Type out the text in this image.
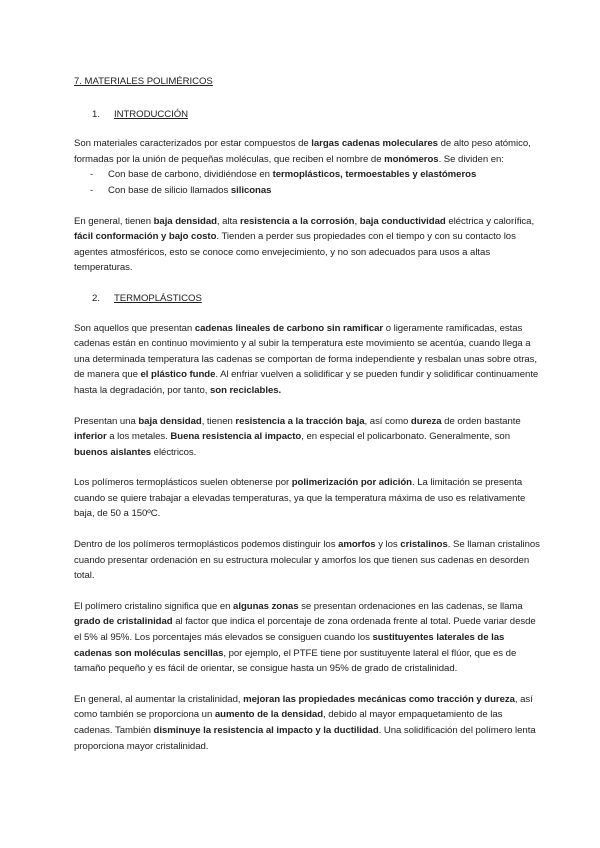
7. MATERIALES POLIMÉRICOS
1. INTRODUCCIÓN

Son materiales caracterizados por estar compuestos de largas cadenas moleculares de alto peso atómico, formadas por la unión de pequeñas moléculas, que reciben el nombre de monómeros. Se dividen en:

- Con base de carbono, dividiéndose en termoplásticos, termoestables y elastómeros
- Con base de silicio llamados siliconas

En general, tienen baja densidad, alta resistencia a la corrosión, baja conductividad eléctrica y calorífica, fácil conformación y bajo costo. Tienden a perder sus propiedades con el tiempo y con su contacto los agentes atmosféricos, esto se conoce como envejecimiento, y no son adecuados para usos a altas temperaturas.

2. TERMOPLÁSTICOS

Son aquellos que presentan cadenas lineales de carbono sin ramificar o ligeramente ramificadas, estas cadenas están en continuo movimiento y al subir la temperatura este movimiento se acentúa, cuando llega a una determinada temperatura las cadenas se comportan de forma independiente y resbalan unas sobre otras, de manera que el plástico funde. Al enfriar vuelven a solidificar y se pueden fundir y solidificar continuamente hasta la degradación, por tanto, son reciclables.

Presentan una baja densidad, tienen resistencia a la tracción baja, así como dureza de orden bastante inferior a los metales. Buena resistencia al impacto, en especial el policarbonato. Generalmente, son buenos aislantes eléctricos.

Los polímeros termoplásticos suelen obtenerse por polimerización por adición. La limitación se presenta cuando se quiere trabajar a elevadas temperaturas, ya que la temperatura máxima de uso es relativamente baja, de 50 a 150ºC.

Dentro de los polímeros termoplásticos podemos distinguir los amorfos y los cristalinos. Se llaman cristalinos cuando presentar ordenación en su estructura molecular y amorfos los que tienen sus cadenas en desorden total.

El polímero cristalino significa que en algunas zonas se presentan ordenaciones en las cadenas, se llama grado de cristalinidad al factor que indica el porcentaje de zona ordenada frente al total. Puede variar desde el 5% al 95%. Los porcentajes más elevados se consiguen cuando los sustituyentes laterales de las cadenas son moléculas sencillas, por ejemplo, el PTFE tiene por sustituyente lateral el flúor, que es de tamaño pequeño y es fácil de orientar, se consigue hasta un 95% de grado de cristalinidad.

En general, al aumentar la cristalinidad, mejoran las propiedades mecánicas como tracción y dureza, así como también se proporciona un aumento de la densidad, debido al mayor empaquetamiento de las cadenas. También disminuye la resistencia al impacto y la ductilidad. Una solidificación del polímero lenta proporciona mayor cristalinidad.
